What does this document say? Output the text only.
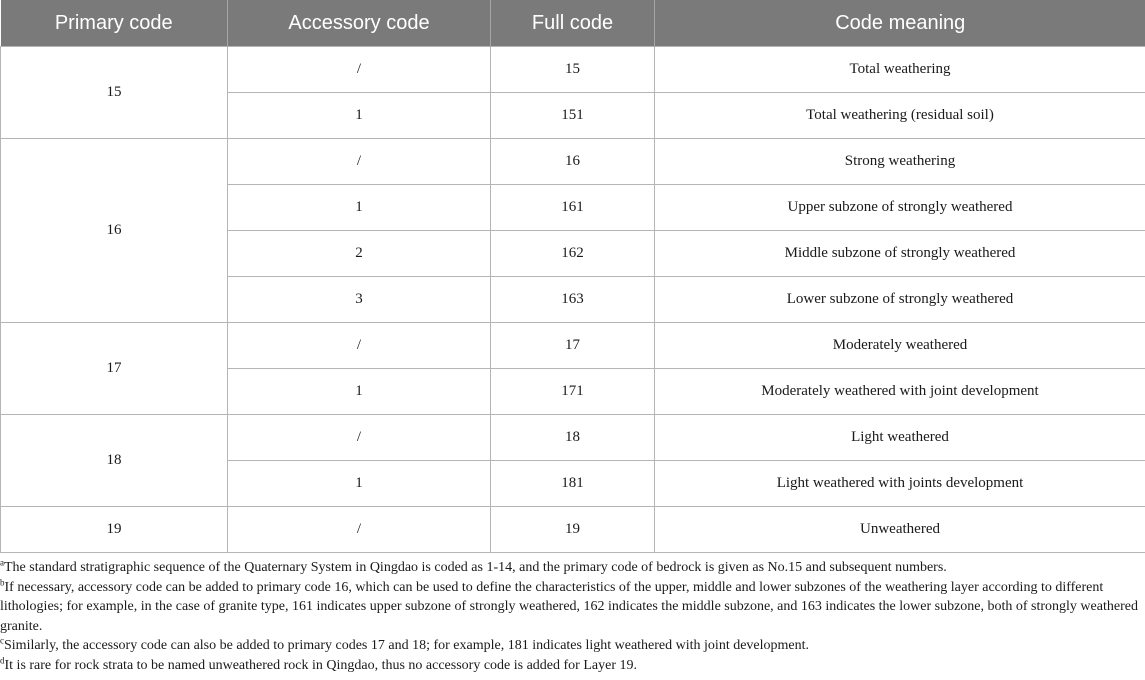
Primary code	Accessory code	Full code	Code meaning
15	/	15	Total weathering
	1	151	Total weathering (residual soil)
16	/	16	Strong weathering
	1	161	Upper subzone of strongly weathered
	2	162	Middle subzone of strongly weathered
	3	163	Lower subzone of strongly weathered
17	/	17	Moderately weathered
	1	171	Moderately weathered with joint development
18	/	18	Light weathered
	1	181	Light weathered with joints development
19	/	19	Unweathered

$^a$The standard stratigraphic sequence of the Quaternary System in Qingdao is coded as 1-14, and the primary code of bedrock is given as No.15 and subsequent numbers.

$^b$If necessary, accessory code can be added to primary code 16, which can be used to define the characteristics of the upper, middle and lower subzones of the weathering layer according to different lithologies; for example, in the case of granite type, 161 indicates upper subzone of strongly weathered, 162 indicates the middle subzone, and 163 indicates the lower subzone, both of strongly weathered granite.

$^c$Similarly, the accessory code can also be added to primary codes 17 and 18; for example, 181 indicates light weathered with joint development.

$^d$It is rare for rock strata to be named unweathered rock in Qingdao, thus no accessory code is added for Layer 19.
